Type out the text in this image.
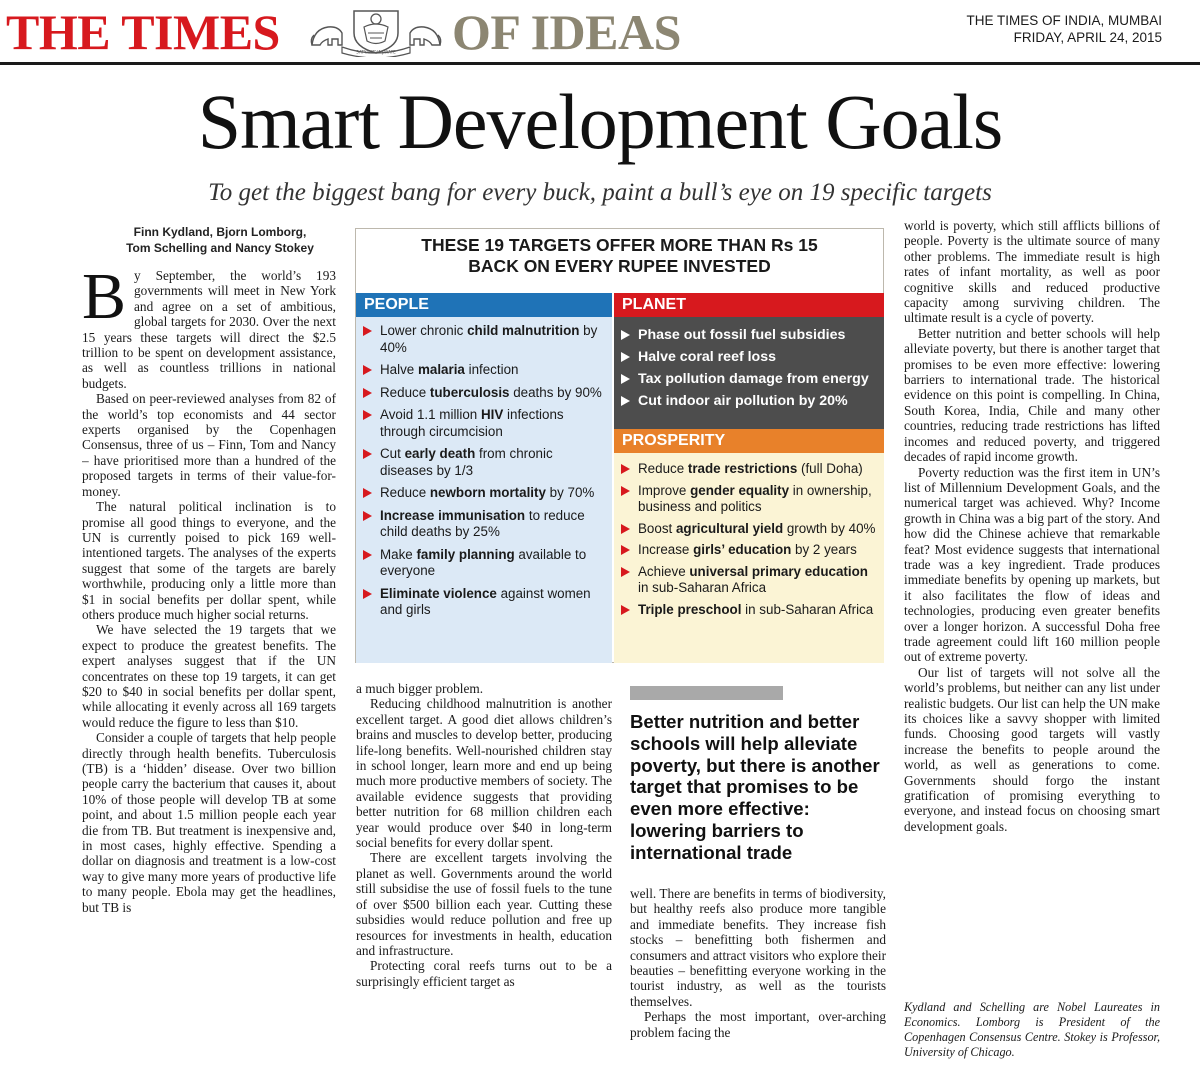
THE TIMES	SATYAMEVA JAYATE OF IDEAS	THE TIMES OF INDIA, MUMBAI
FRIDAY, APRIL 24, 2015
Smart Development Goals
To get the biggest bang for every buck, paint a bull’s eye on 19 specific targets
Finn Kydland, Bjorn Lomborg,
Tom Schelling and Nancy Stokey

By September, the world’s 193 governments will meet in New York and agree on a set of ambitious, global targets for 2030. Over the next 15 years these targets will direct the $2.5 trillion to be spent on development assistance, as well as countless trillions in national budgets.

Based on peer-reviewed analyses from 82 of the world’s top economists and 44 sector experts organised by the Copenhagen Consensus, three of us – Finn, Tom and Nancy – have prioritised more than a hundred of the proposed targets in terms of their value-for-money.

The natural political inclination is to promise all good things to everyone, and the UN is currently poised to pick 169 well-intentioned targets. The analyses of the experts suggest that some of the targets are barely worthwhile, producing only a little more than $1 in social benefits per dollar spent, while others produce much higher social returns.

We have selected the 19 targets that we expect to produce the greatest benefits. The expert analyses suggest that if the UN concentrates on these top 19 targets, it can get $20 to $40 in social benefits per dollar spent, while allocating it evenly across all 169 targets would reduce the figure to less than $10.

Consider a couple of targets that help people directly through health benefits. Tuberculosis (TB) is a ‘hidden’ disease. Over two billion people carry the bacterium that causes it, about 10% of those people will develop TB at some point, and about 1.5 million people each year die from TB. But treatment is inexpensive and, in most cases, highly effective. Spending a dollar on diagnosis and treatment is a low-cost way to give many more years of productive life to many people. Ebola may get the headlines, but TB is

THESE 19 TARGETS OFFER MORE THAN Rs 15
BACK ON EVERY RUPEE INVESTED
PEOPLE
Lower chronic child malnutrition by 40%
Halve malaria infection
Reduce tuberculosis deaths by 90%
Avoid 1.1 million HIV infections through circumcision
Cut early death from chronic diseases by 1/3
Reduce newborn mortality by 70%
Increase immunisation to reduce child deaths by 25%
Make family planning available to everyone
Eliminate violence against women and girls
PLANET
Phase out fossil fuel subsidies
Halve coral reef loss
Tax pollution damage from energy
Cut indoor air pollution by 20%
PROSPERITY
Reduce trade restrictions (full Doha)
Improve gender equality in ownership, business and politics
Boost agricultural yield growth by 40%
Increase girls’ education by 2 years
Achieve universal primary education in sub-Saharan Africa
Triple preschool in sub-Saharan Africa

a much bigger problem.

Reducing childhood malnutrition is another excellent target. A good diet allows children’s brains and muscles to develop better, producing life-long benefits. Well-nourished children stay in school longer, learn more and end up being much more productive members of society. The available evidence suggests that providing better nutrition for 68 million children each year would produce over $40 in long-term social benefits for every dollar spent.

There are excellent targets involving the planet as well. Governments around the world still subsidise the use of fossil fuels to the tune of over $500 billion each year. Cutting these subsidies would reduce pollution and free up resources for investments in health, education and infrastructure.

Protecting coral reefs turns out to be a surprisingly efficient target as

Better nutrition and better schools will help alleviate poverty, but there is another target that promises to be even more effective: lowering barriers to international trade

well. There are benefits in terms of biodiversity, but healthy reefs also produce more tangible and immediate benefits. They increase fish stocks – benefitting both fishermen and consumers and attract visitors who explore their beauties – benefitting everyone working in the tourist industry, as well as the tourists themselves.

Perhaps the most important, over-arching problem facing the

world is poverty, which still afflicts billions of people. Poverty is the ultimate source of many other problems. The immediate result is high rates of infant mortality, as well as poor cognitive skills and reduced productive capacity among surviving children. The ultimate result is a cycle of poverty.

Better nutrition and better schools will help alleviate poverty, but there is another target that promises to be even more effective: lowering barriers to international trade. The historical evidence on this point is compelling. In China, South Korea, India, Chile and many other countries, reducing trade restrictions has lifted incomes and reduced poverty, and triggered decades of rapid income growth.

Poverty reduction was the first item in UN’s list of Millennium Development Goals, and the numerical target was achieved. Why? Income growth in China was a big part of the story. And how did the Chinese achieve that remarkable feat? Most evidence suggests that international trade was a key ingredient. Trade produces immediate benefits by opening up markets, but it also facilitates the flow of ideas and technologies, producing even greater benefits over a longer horizon. A successful Doha free trade agreement could lift 160 million people out of extreme poverty.

Our list of targets will not solve all the world’s problems, but neither can any list under realistic budgets. Our list can help the UN make its choices like a savvy shopper with limited funds. Choosing good targets will vastly increase the benefits to people around the world, as well as generations to come. Governments should forgo the instant gratification of promising everything to everyone, and instead focus on choosing smart development goals.

Kydland and Schelling are Nobel Laureates in Economics. Lomborg is President of the Copenhagen Consensus Centre. Stokey is Professor, University of Chicago.
